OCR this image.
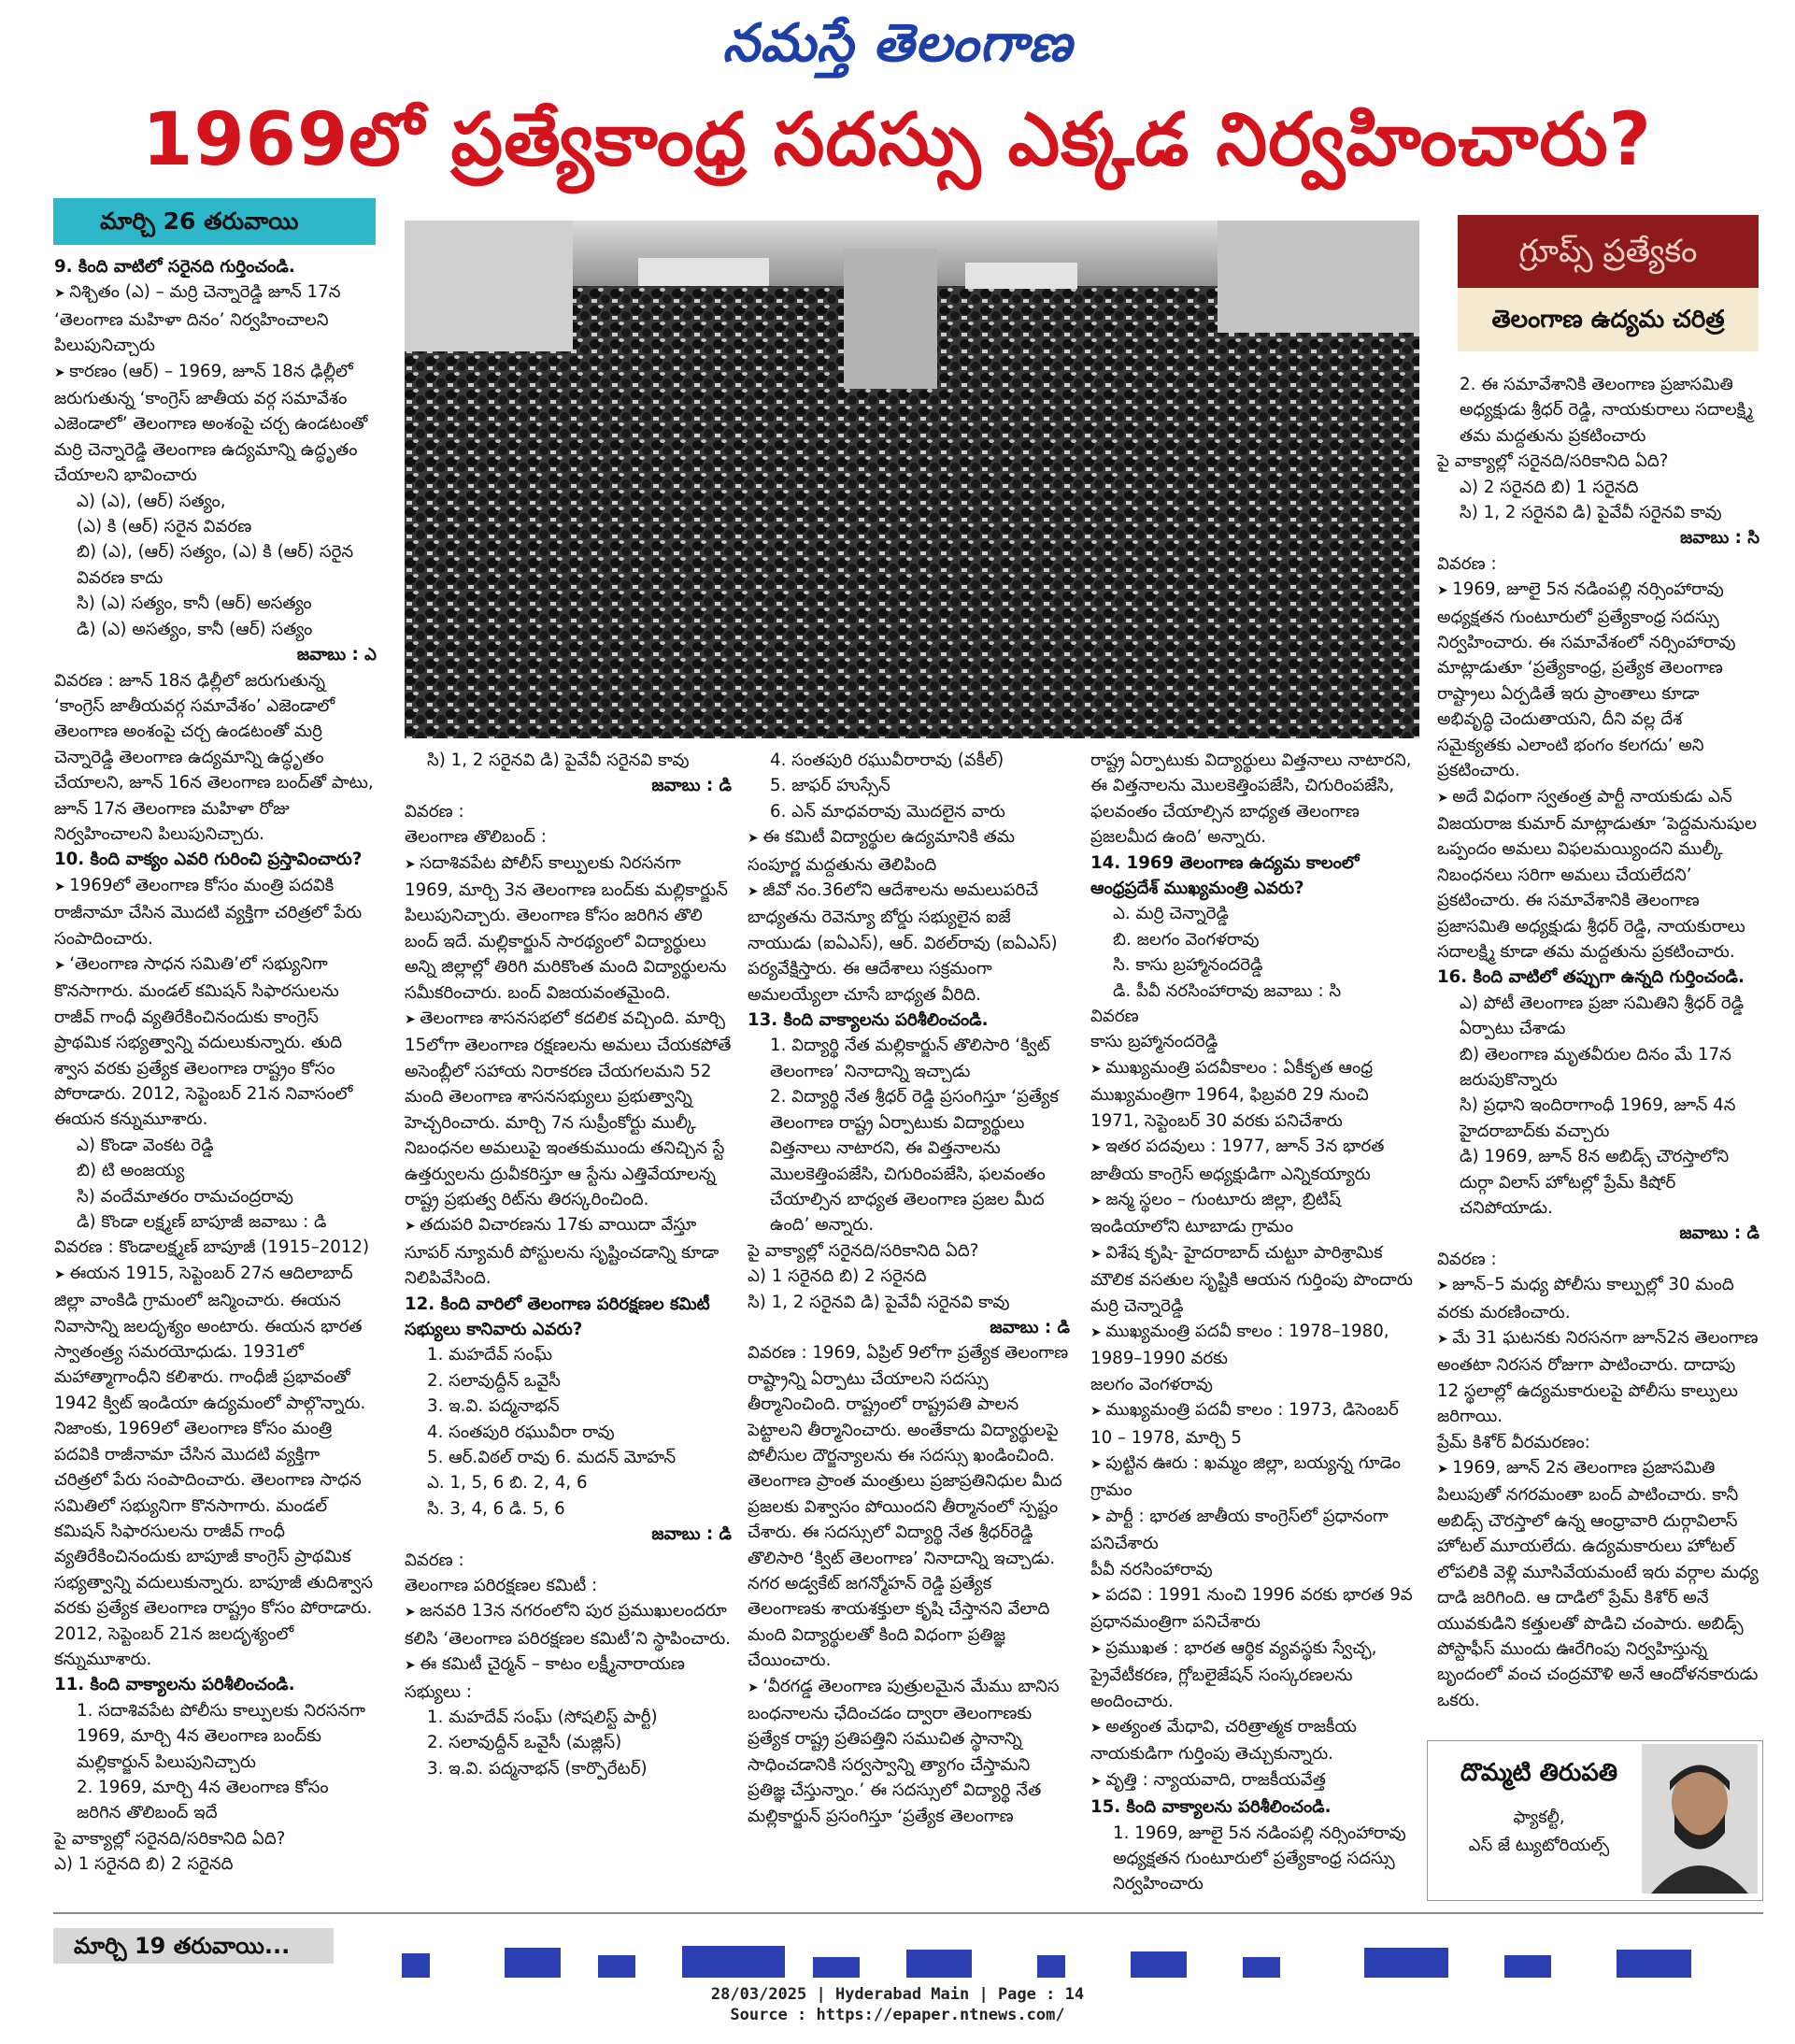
నమస్తే తెలంగాణ
1969లో ప్రత్యేకాంధ్ర సదస్సు ఎక్కడ నిర్వహించారు?
మార్చి 26 తరువాయి
గ్రూప్స్ ప్రత్యేకం
తెలంగాణ ఉద్యమ చరిత్ర

9. కింది వాటిలో సరైనది గుర్తించండి.

➤ నిశ్చితం (ఎ) – మర్రి చెన్నారెడ్డి జూన్ 17న ‘తెలంగాణ మహిళా దినం’ నిర్వహించాలని పిలుపునిచ్చారు

➤ కారణం (ఆర్) – 1969, జూన్ 18న ఢిల్లీలో జరుగుతున్న ‘కాంగ్రెస్ జాతీయ వర్గ సమావేశం ఎజెండాలో’ తెలంగాణ అంశంపై చర్చ ఉండటంతో మర్రి చెన్నారెడ్డి తెలంగాణ ఉద్యమాన్ని ఉద్ధృతం చేయాలని భావించారు

ఎ) (ఎ), (ఆర్) సత్యం,

(ఎ) కి (ఆర్) సరైన వివరణ

బి) (ఎ), (ఆర్) సత్యం, (ఎ) కి (ఆర్) సరైన వివరణ కాదు

సి) (ఎ) సత్యం, కానీ (ఆర్) అసత్యం

డి) (ఎ) అసత్యం, కానీ (ఆర్) సత్యం

జవాబు : ఎ

వివరణ : జూన్ 18న ఢిల్లీలో జరుగుతున్న ‘కాంగ్రెస్ జాతీయవర్గ సమావేశం’ ఎజెండాలో తెలంగాణ అంశంపై చర్చ ఉండటంతో మర్రి చెన్నారెడ్డి తెలంగాణ ఉద్యమాన్ని ఉద్ధృతం చేయాలని, జూన్ 16న తెలంగాణ బంద్‌తో పాటు, జూన్ 17న తెలంగాణ మహిళా రోజు నిర్వహించాలని పిలుపునిచ్చారు.

10. కింది వాక్యం ఎవరి గురించి ప్రస్తావించారు?

➤ 1969లో తెలంగాణ కోసం మంత్రి పదవికి రాజీనామా చేసిన మొదటి వ్యక్తిగా చరిత్రలో పేరు సంపాదించారు.

➤ ‘తెలంగాణ సాధన సమితి’లో సభ్యునిగా కొనసాగారు. మండల్ కమిషన్ సిఫారసులను రాజీవ్ గాంధీ వ్యతిరేకించినందుకు కాంగ్రెస్ ప్రాథమిక సభ్యత్వాన్ని వదులుకున్నారు. తుది శ్వాస వరకు ప్రత్యేక తెలంగాణ రాష్ట్రం కోసం పోరాడారు. 2012, సెప్టెంబర్ 21న నివాసంలో ఈయన కన్నుమూశారు.

ఎ) కొండా వెంకట రెడ్డి

బి) టి అంజయ్య

సి) వందేమాతరం రామచంద్రరావు

డి) కొండా లక్ష్మణ్ బాపూజీ జవాబు : డి

వివరణ : కొండాలక్ష్మణ్ బాపూజీ (1915–2012)

➤ ఈయన 1915, సెప్టెంబర్ 27న ఆదిలాబాద్ జిల్లా వాంకిడి గ్రామంలో జన్మించారు. ఈయన నివాసాన్ని జలదృశ్యం అంటారు. ఈయన భారత స్వాతంత్ర్య సమరయోధుడు. 1931లో మహాత్మాగాంధీని కలిశారు. గాంధీజీ ప్రభావంతో 1942 క్విట్ ఇండియా ఉద్యమంలో పాల్గొన్నారు. నిజాంకు, 1969లో తెలంగాణ కోసం మంత్రి పదవికి రాజీనామా చేసిన మొదటి వ్యక్తిగా చరిత్రలో పేరు సంపాదించారు. తెలంగాణ సాధన సమితిలో సభ్యునిగా కొనసాగారు. మండల్ కమిషన్ సిఫారసులను రాజీవ్ గాంధీ వ్యతిరేకించినందుకు బాపూజీ కాంగ్రెస్ ప్రాథమిక సభ్యత్వాన్ని వదులుకున్నారు. బాపూజీ తుదిశ్వాస వరకు ప్రత్యేక తెలంగాణ రాష్ట్రం కోసం పోరాడారు. 2012, సెప్టెంబర్ 21న జలదృశ్యంలో కన్నుమూశారు.

11. కింది వాక్యాలను పరిశీలించండి.

1. సదాశివపేట పోలీసు కాల్పులకు నిరసనగా 1969, మార్చి 4న తెలంగాణ బంద్‌కు మల్లికార్జున్ పిలుపునిచ్చారు

2. 1969, మార్చి 4న తెలంగాణ కోసం జరిగిన తొలిబంద్ ఇదే

పై వాక్యాల్లో సరైనది/సరికానిది ఏది?

ఎ) 1 సరైనది బి) 2 సరైనది

సి) 1, 2 సరైనవి డి) పైవేవీ సరైనవి కావు

జవాబు : డి

వివరణ :

తెలంగాణ తొలిబంద్ :

➤ సదాశివపేట పోలీస్ కాల్పులకు నిరసనగా 1969, మార్చి 3న తెలంగాణ బంద్‌కు మల్లికార్జున్ పిలుపునిచ్చారు. తెలంగాణ కోసం జరిగిన తొలి బంద్ ఇదే. మల్లికార్జున్ సారథ్యంలో విద్యార్థులు అన్ని జిల్లాల్లో తిరిగి మరికొంత మంది విద్యార్థులను సమీకరించారు. బంద్ విజయవంతమైంది.

➤ తెలంగాణ శాసనసభలో కదలిక వచ్చింది. మార్చి 15లోగా తెలంగాణ రక్షణలను అమలు చేయకపోతే అసెంబ్లీలో సహాయ నిరాకరణ చేయగలమని 52 మంది తెలంగాణ శాసనసభ్యులు ప్రభుత్వాన్ని హెచ్చరించారు. మార్చి 7న సుప్రీంకోర్టు ముల్కీ నిబంధనల అమలుపై ఇంతకుముందు తనిచ్చిన స్టే ఉత్తర్వులను ద్రువీకరిస్తూ ఆ స్టేను ఎత్తివేయాలన్న రాష్ట్ర ప్రభుత్వ రిట్‌ను తిరస్కరించింది.

➤ తదుపరి విచారణను 17కు వాయిదా వేస్తూ సూపర్ న్యూమరీ పోస్టులను సృష్టించడాన్ని కూడా నిలిపివేసింది.

12. కింది వారిలో తెలంగాణ పరిరక్షణల కమిటీ సభ్యులు కానివారు ఎవరు?

1. మహదేవ్ సంఘ్

2. సలావుద్దీన్ ఒవైసీ

3. ఇ.వి. పద్మనాభన్

4. సంతపురి రఘువీరా రావు

5. ఆర్.విఠల్ రావు 6. మదన్ మోహన్

ఎ. 1, 5, 6 బి. 2, 4, 6

సి. 3, 4, 6 డి. 5, 6

జవాబు : డి

వివరణ :

తెలంగాణ పరిరక్షణల కమిటీ :

➤ జనవరి 13న నగరంలోని పుర ప్రముఖులందరూ కలిసి ‘తెలంగాణ పరిరక్షణల కమిటీ’ని స్థాపించారు.

➤ ఈ కమిటీ చైర్మన్ – కాటం లక్ష్మీనారాయణ

సభ్యులు :

1. మహదేవ్ సంఘ్ (సోషలిస్ట్ పార్టీ)

2. సలావుద్దీన్ ఒవైసీ (మజ్లిస్)

3. ఇ.వి. పద్మనాభన్ (కార్పొరేటర్)

4. సంతపురి రఘువీరారావు (వకీల్)

5. జాఫర్ హుస్సేన్

6. ఎన్ మాధవరావు మొదలైన వారు

➤ ఈ కమిటీ విద్యార్థుల ఉద్యమానికి తమ సంపూర్ణ మద్దతును తెలిపింది

➤ జీవో నం.36లోని ఆదేశాలను అమలుపరిచే బాధ్యతను రెవెన్యూ బోర్డు సభ్యులైన ఐజే నాయుడు (ఐఏఎస్), ఆర్. విఠల్‌రావు (ఐఏఎస్) పర్యవేక్షిస్తారు. ఈ ఆదేశాలు సక్రమంగా అమలయ్యేలా చూసే బాధ్యత వీరిది.

13. కింది వాక్యాలను పరిశీలించండి.

1. విద్యార్థి నేత మల్లికార్జున్ తొలిసారి ‘క్విట్ తెలంగాణ’ నినాదాన్ని ఇచ్చాడు

2. విద్యార్థి నేత శ్రీధర్ రెడ్డి ప్రసంగిస్తూ ‘ప్రత్యేక తెలంగాణ రాష్ట్ర ఏర్పాటుకు విద్యార్థులు విత్తనాలు నాటారని, ఈ విత్తనాలను మొలకెత్తింపజేసి, చిగురింపజేసి, ఫలవంతం చేయాల్సిన బాధ్యత తెలంగాణ ప్రజల మీద ఉంది’ అన్నారు.

పై వాక్యాల్లో సరైనది/సరికానిది ఏది?

ఎ) 1 సరైనది బి) 2 సరైనది

సి) 1, 2 సరైనవి డి) పైవేవీ సరైనవి కావు

జవాబు : డి

వివరణ : 1969, ఏప్రిల్ 9లోగా ప్రత్యేక తెలంగాణ రాష్ట్రాన్ని ఏర్పాటు చేయాలని సదస్సు తీర్మానించింది. రాష్ట్రంలో రాష్ట్రపతి పాలన పెట్టాలని తీర్మానించారు. అంతేకాదు విద్యార్థులపై పోలీసుల దౌర్జన్యాలను ఈ సదస్సు ఖండించింది. తెలంగాణ ప్రాంత మంత్రులు ప్రజాప్రతినిధుల మీద ప్రజలకు విశ్వాసం పోయిందని తీర్మానంలో స్పష్టం చేశారు. ఈ సదస్సులో విద్యార్థి నేత శ్రీధర్‌రెడ్డి తొలిసారి ‘క్విట్ తెలంగాణ’ నినాదాన్ని ఇచ్చాడు. నగర అడ్వకేట్ జగన్మోహన్ రెడ్డి ప్రత్యేక తెలంగాణకు శాయశక్తులా కృషి చేస్తానని వేలాది మంది విద్యార్థులతో కింది విధంగా ప్రతిజ్ఞ చేయించారు.

➤ ‘వీరగడ్డ తెలంగాణ పుత్రులమైన మేము బానిస బంధనాలను ఛేదించడం ద్వారా తెలంగాణకు ప్రత్యేక రాష్ట్ర ప్రతిపత్తిని సముచిత స్థానాన్ని సాధించడానికి సర్వస్వాన్ని త్యాగం చేస్తామని ప్రతిజ్ఞ చేస్తున్నాం.’ ఈ సదస్సులో విద్యార్థి నేత మల్లికార్జున్ ప్రసంగిస్తూ ‘ప్రత్యేక తెలంగాణ

రాష్ట్ర ఏర్పాటుకు విద్యార్థులు విత్తనాలు నాటారని, ఈ విత్తనాలను మొలకెత్తింపజేసి, చిగురింపజేసి, ఫలవంతం చేయాల్సిన బాధ్యత తెలంగాణ ప్రజలమీద ఉంది’ అన్నారు.

14. 1969 తెలంగాణ ఉద్యమ కాలంలో ఆంధ్రప్రదేశ్ ముఖ్యమంత్రి ఎవరు?

ఎ. మర్రి చెన్నారెడ్డి

బి. జలగం వెంగళరావు

సి. కాసు బ్రహ్మానందరెడ్డి

డి. పీవీ నరసింహారావు జవాబు : సి

వివరణ

కాసు బ్రహ్మానందరెడ్డి

➤ ముఖ్యమంత్రి పదవీకాలం : ఏకీకృత ఆంధ్ర ముఖ్యమంత్రిగా 1964, ఫిబ్రవరి 29 నుంచి 1971, సెప్టెంబర్ 30 వరకు పనిచేశారు

➤ ఇతర పదవులు : 1977, జూన్ 3న భారత జాతీయ కాంగ్రెస్ అధ్యక్షుడిగా ఎన్నికయ్యారు

➤ జన్మ స్థలం – గుంటూరు జిల్లా, బ్రిటిష్ ఇండియాలోని టూబాడు గ్రామం

➤ విశేష కృషి- హైదరాబాద్ చుట్టూ పారిశ్రామిక మౌలిక వసతుల సృష్టికి ఆయన గుర్తింపు పొందారు

మర్రి చెన్నారెడ్డి

➤ ముఖ్యమంత్రి పదవీ కాలం : 1978–1980, 1989–1990 వరకు

జలగం వెంగళరావు

➤ ముఖ్యమంత్రి పదవీ కాలం : 1973, డిసెంబర్ 10 – 1978, మార్చి 5

➤ పుట్టిన ఊరు : ఖమ్మం జిల్లా, బయ్యన్న గూడెం గ్రామం

➤ పార్టీ : భారత జాతీయ కాంగ్రెస్‌లో ప్రధానంగా పనిచేశారు

పీవీ నరసింహారావు

➤ పదవి : 1991 నుంచి 1996 వరకు భారత 9వ ప్రధానమంత్రిగా పనిచేశారు

➤ ప్రముఖత : భారత ఆర్థిక వ్యవస్థకు స్వేచ్ఛ, ప్రైవేటీకరణ, గ్లోబలైజేషన్ సంస్కరణలను అందించారు.

➤ అత్యంత మేధావి, చరిత్రాత్మక రాజకీయ నాయకుడిగా గుర్తింపు తెచ్చుకున్నారు.

➤ వృత్తి : న్యాయవాది, రాజకీయవేత్త

15. కింది వాక్యాలను పరిశీలించండి.

1. 1969, జూలై 5న నడింపల్లి నర్సింహారావు అధ్యక్షతన గుంటూరులో ప్రత్యేకాంధ్ర సదస్సు నిర్వహించారు

2. ఈ సమావేశానికి తెలంగాణ ప్రజాసమితి అధ్యక్షుడు శ్రీధర్ రెడ్డి, నాయకురాలు సదాలక్ష్మి తమ మద్దతును ప్రకటించారు

పై వాక్యాల్లో సరైనది/సరికానిది ఏది?

ఎ) 2 సరైనది బి) 1 సరైనది

సి) 1, 2 సరైనవి డి) పైవేవీ సరైనవి కావు

జవాబు : సి

వివరణ :

➤ 1969, జూలై 5న నడింపల్లి నర్సింహారావు అధ్యక్షతన గుంటూరులో ప్రత్యేకాంధ్ర సదస్సు నిర్వహించారు. ఈ సమావేశంలో నర్సింహారావు మాట్లాడుతూ ‘ప్రత్యేకాంధ్ర, ప్రత్యేక తెలంగాణ రాష్ట్రాలు ఏర్పడితే ఇరు ప్రాంతాలు కూడా అభివృద్ధి చెందుతాయని, దీని వల్ల దేశ సమైక్యతకు ఎలాంటి భంగం కలగదు’ అని ప్రకటించారు.

➤ అదే విధంగా స్వతంత్ర పార్టీ నాయకుడు ఎన్ విజయరాజ కుమార్ మాట్లాడుతూ ‘పెద్దమనుషుల ఒప్పందం అమలు విఫలమయ్యిందని ముల్కీ నిబంధనలు సరిగా అమలు చేయలేదని’ ప్రకటించారు. ఈ సమావేశానికి తెలంగాణ ప్రజాసమితి అధ్యక్షుడు శ్రీధర్ రెడ్డి, నాయకురాలు సదాలక్ష్మి కూడా తమ మద్దతును ప్రకటించారు.

16. కింది వాటిలో తప్పుగా ఉన్నది గుర్తించండి.

ఎ) పోటీ తెలంగాణ ప్రజా సమితిని శ్రీధర్ రెడ్డి ఏర్పాటు చేశాడు

బి) తెలంగాణ మృతవీరుల దినం మే 17న జరుపుకొన్నారు

సి) ప్రధాని ఇందిరాగాంధీ 1969, జూన్ 4న హైదరాబాద్‌కు వచ్చారు

డి) 1969, జూన్ 8న అబిడ్స్ చౌరస్తాలోని దుర్గా విలాస్ హోటల్లో ప్రేమ్ కిషోర్ చనిపోయాడు.

జవాబు : డి

వివరణ :

➤ జూన్–5 మధ్య పోలీసు కాల్పుల్లో 30 మంది వరకు మరణించారు.

➤ మే 31 ఘటనకు నిరసనగా జూన్2న తెలంగాణ అంతటా నిరసన రోజుగా పాటించారు. దాదాపు 12 స్థలాల్లో ఉద్యమకారులపై పోలీసు కాల్పులు జరిగాయి.

ప్రేమ్ కిశోర్ వీరమరణం:

➤ 1969, జూన్ 2న తెలంగాణ ప్రజాసమితి పిలుపుతో నగరమంతా బంద్ పాటించారు. కానీ అబిడ్స్ చౌరస్తాలో ఉన్న ఆంధ్రావారి దుర్గావిలాస్ హోటల్ మూయలేదు. ఉద్యమకారులు హోటల్ లోపలికి వెళ్లి మూసివేయమంటే ఇరు వర్గాల మధ్య దాడి జరిగింది. ఆ దాడిలో ప్రేమ్ కిశోర్ అనే యువకుడిని కత్తులతో పొడిచి చంపారు. అబిడ్స్ పోస్టాఫీస్ ముందు ఊరేగింపు నిర్వహిస్తున్న బృందంలో వంచ చంద్రమౌళి అనే ఆందోళనకారుడు ఒకరు.

దొమ్మటి తిరుపతి
ఫ్యాకల్టీ,
ఎస్ జే ట్యుటోరియల్స్
మార్చి 19 తరువాయి...
28/03/2025 | Hyderabad Main | Page : 14
Source : https://epaper.ntnews.com/
